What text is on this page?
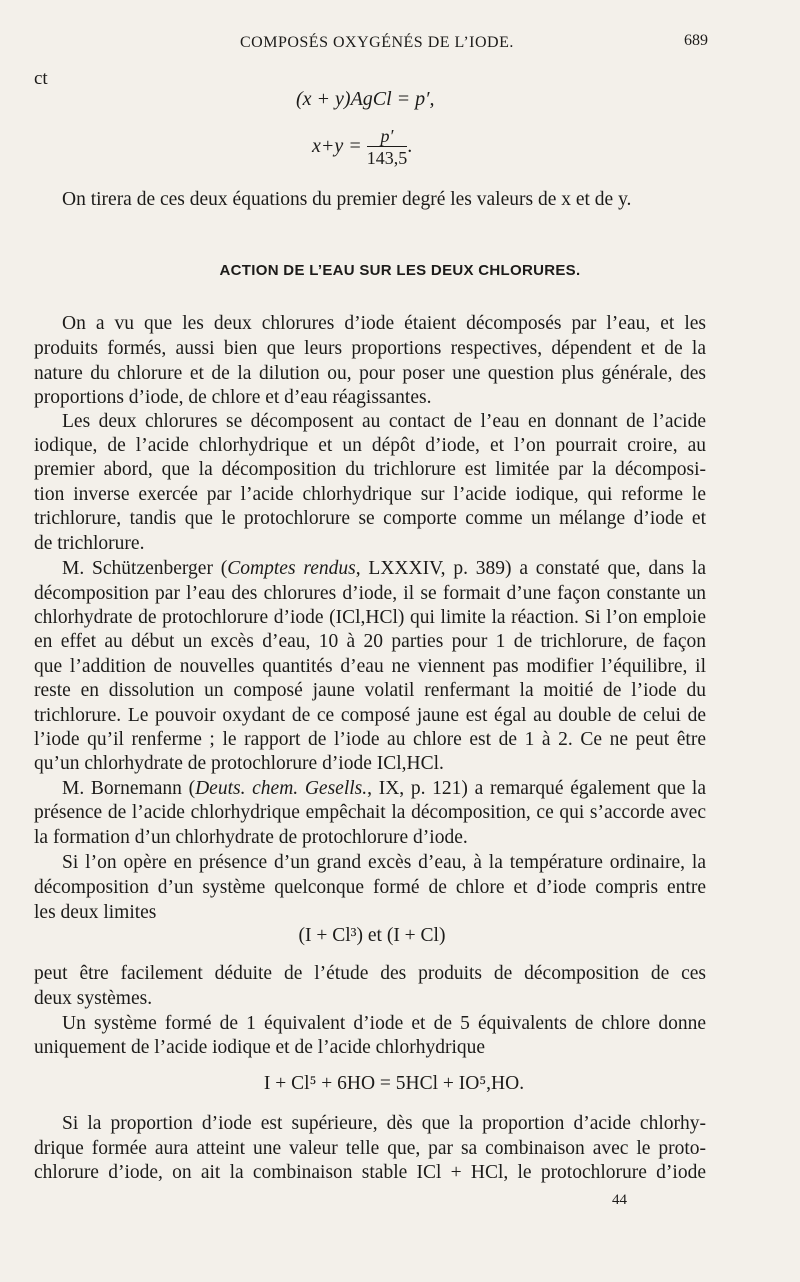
COMPOSÉS OXYGÉNÉS DE L’IODE.	689
ct
(x + y)AgCl = p′,
$x+y = \frac{p'}{143,5}$ .
On tirera de ces deux équations du premier degré les valeurs de x et de y.
ACTION DE L’EAU SUR LES DEUX CHLORURES.
On a vu que les deux chlorures d’iode étaient décomposés par l’eau, et les
produits formés, aussi bien que leurs proportions respectives, dépendent et de la
nature du chlorure et de la dilution ou, pour poser une question plus générale, des
proportions d’iode, de chlore et d’eau réagissantes.
Les deux chlorures se décomposent au contact de l’eau en donnant de l’acide
iodique, de l’acide chlorhydrique et un dépôt d’iode, et l’on pourrait croire, au
premier abord, que la décomposition du trichlorure est limitée par la décomposi-
tion inverse exercée par l’acide chlorhydrique sur l’acide iodique, qui reforme le
trichlorure, tandis que le protochlorure se comporte comme un mélange d’iode et
de trichlorure.
M. Schützenberger (Comptes rendus, LXXXIV, p. 389) a constaté que, dans la
décomposition par l’eau des chlorures d’iode, il se formait d’une façon constante un
chlorhydrate de protochlorure d’iode (ICl,HCl) qui limite la réaction. Si l’on emploie
en effet au début un excès d’eau, 10 à 20 parties pour 1 de trichlorure, de façon
que l’addition de nouvelles quantités d’eau ne viennent pas modifier l’équilibre, il
reste en dissolution un composé jaune volatil renfermant la moitié de l’iode du
trichlorure. Le pouvoir oxydant de ce composé jaune est égal au double de celui de
l’iode qu’il renferme ; le rapport de l’iode au chlore est de 1 à 2. Ce ne peut être
qu’un chlorhydrate de protochlorure d’iode ICl,HCl.
M. Bornemann (Deuts. chem. Gesells., IX, p. 121) a remarqué également que la
présence de l’acide chlorhydrique empêchait la décomposition, ce qui s’accorde avec
la formation d’un chlorhydrate de protochlorure d’iode.
Si l’on opère en présence d’un grand excès d’eau, à la température ordinaire, la
décomposition d’un système quelconque formé de chlore et d’iode compris entre
les deux limites
(I + Cl³) et (I + Cl)
peut être facilement déduite de l’étude des produits de décomposition de ces
deux systèmes.
Un système formé de 1 équivalent d’iode et de 5 équivalents de chlore donne
uniquement de l’acide iodique et de l’acide chlorhydrique
I + Cl⁵ + 6HO = 5HCl + IO⁵,HO.
Si la proportion d’iode est supérieure, dès que la proportion d’acide chlorhy-
drique formée aura atteint une valeur telle que, par sa combinaison avec le proto-
chlorure d’iode, on ait la combinaison stable ICl + HCl, le protochlorure d’iode
44
